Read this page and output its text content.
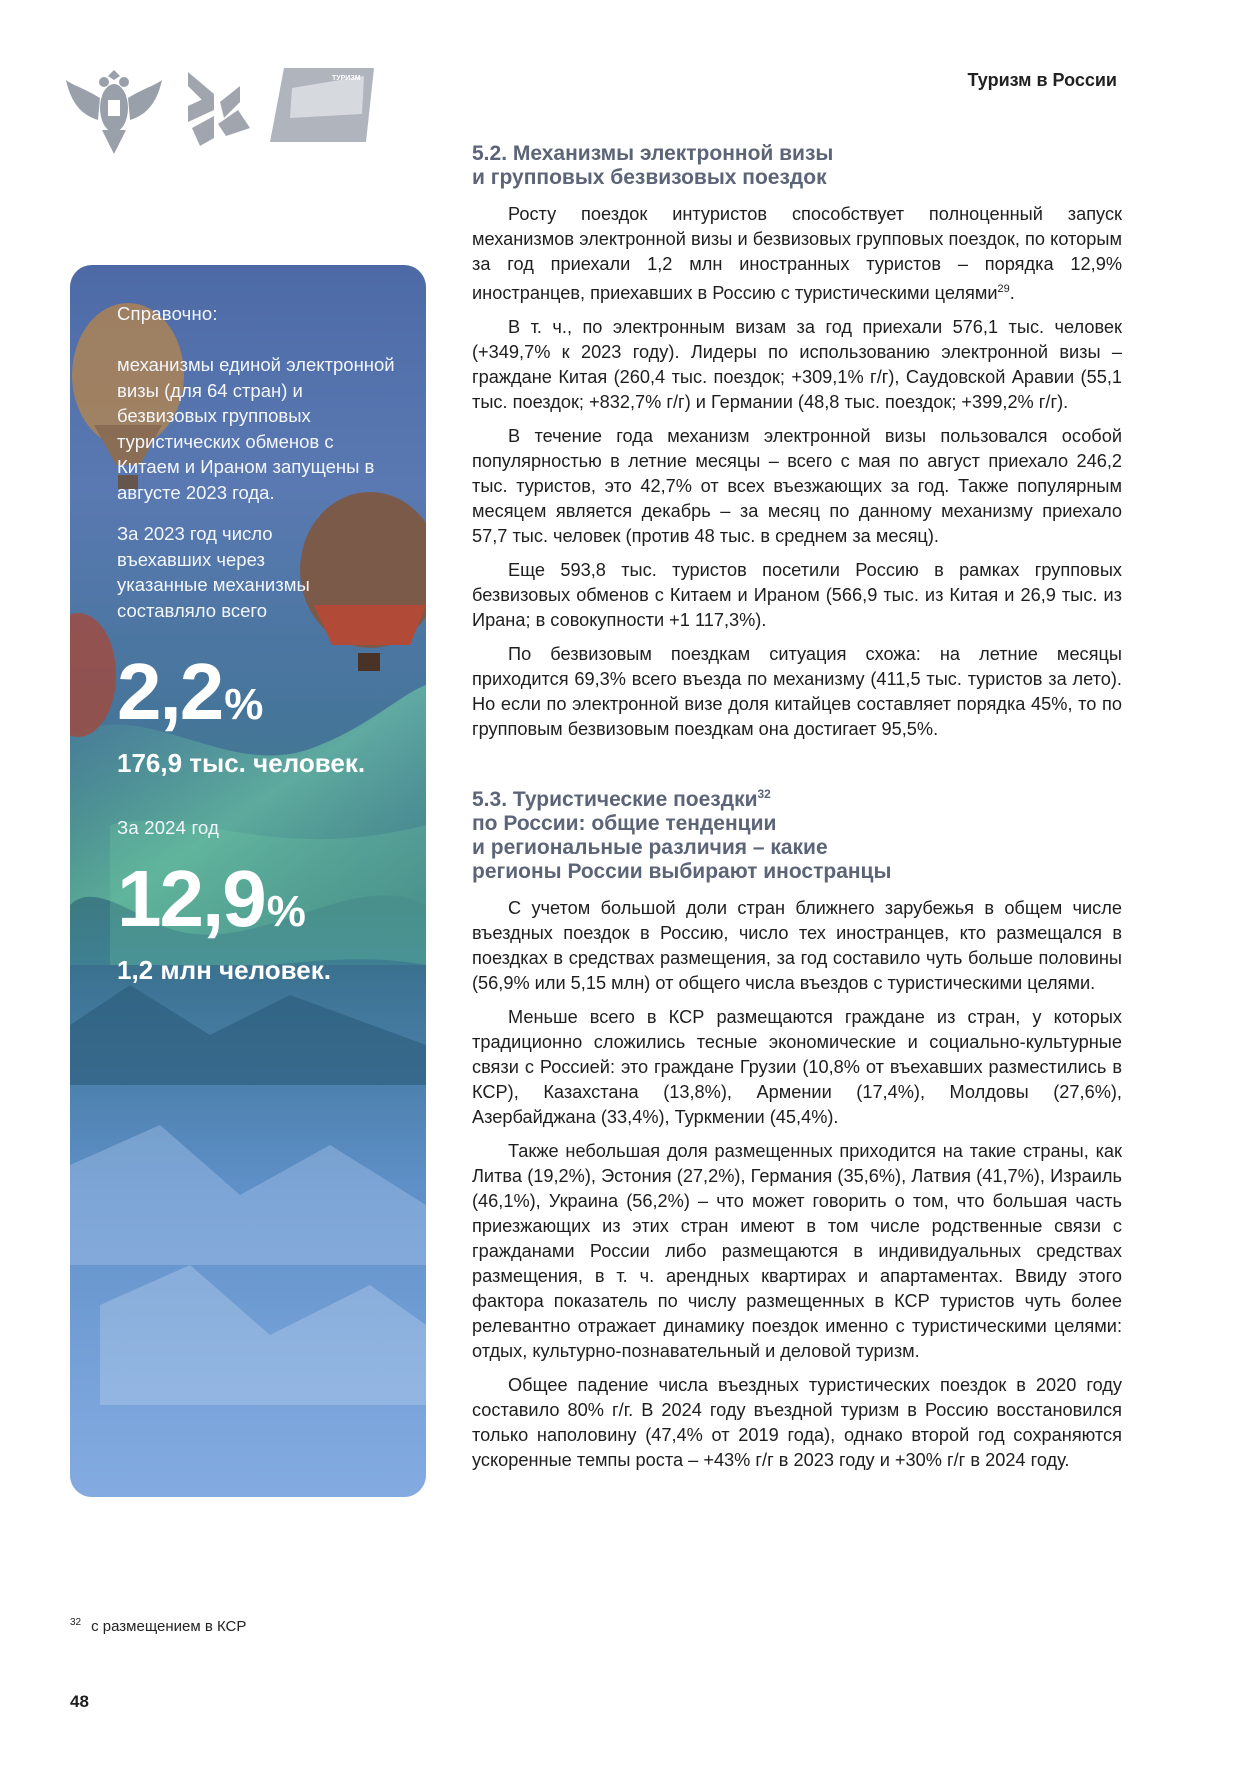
ТУРИЗМ	Туризм в России
Справочно:
механизмы единой электронной визы (для 64 стран) и безвизовых групповых туристических обменов с Китаем и Ираном запущены в августе 2023 года.
За 2023 год число въехавших через указанные механизмы составляло всего
2,2%
176,9 тыс. человек.
За 2024 год
12,9%
1,2 млн человек.
5.2. Механизмы электронной визы
и групповых безвизовых поездок

Росту поездок интуристов способствует полноценный запуск механизмов электронной визы и безвизовых групповых поездок, по которым за год приехали 1,2 млн иностранных туристов – порядка 12,9% иностранцев, приехавших в Россию с туристическими целями$^{29}$.

В т. ч., по электронным визам за год приехали 576,1 тыс. человек (+349,7% к 2023 году). Лидеры по использованию электронной визы – граждане Китая (260,4 тыс. поездок; +309,1% г/г), Саудовской Аравии (55,1 тыс. поездок; +832,7% г/г) и Германии (48,8 тыс. поездок; +399,2% г/г).

В течение года механизм электронной визы пользовался особой популярностью в летние месяцы – всего с мая по август приехало 246,2 тыс. туристов, это 42,7% от всех въезжающих за год. Также популярным месяцем является декабрь – за месяц по данному механизму приехало 57,7 тыс. человек (против 48 тыс. в среднем за месяц).

Еще 593,8 тыс. туристов посетили Россию в рамках групповых безвизовых обменов с Китаем и Ираном (566,9 тыс. из Китая и 26,9 тыс. из Ирана; в совокупности +1 117,3%).

По безвизовым поездкам ситуация схожа: на летние месяцы приходится 69,3% всего въезда по механизму (411,5 тыс. туристов за лето). Но если по электронной визе доля китайцев составляет порядка 45%, то по групповым безвизовым поездкам она достигает 95,5%.

5.3. Туристические поездки$^{32}$
по России: общие тенденции
и региональные различия – какие
регионы России выбирают иностранцы

С учетом большой доли стран ближнего зарубежья в общем числе въездных поездок в Россию, число тех иностранцев, кто размещался в поездках в средствах размещения, за год составило чуть больше половины (56,9% или 5,15 млн) от общего числа въездов с туристическими целями.

Меньше всего в КСР размещаются граждане из стран, у которых традиционно сложились тесные экономические и социально-культурные связи с Россией: это граждане Грузии (10,8% от въехавших разместились в КСР), Казахстана (13,8%), Армении (17,4%), Молдовы (27,6%), Азербайджана (33,4%), Туркмении (45,4%).

Также небольшая доля размещенных приходится на такие страны, как Литва (19,2%), Эстония (27,2%), Германия (35,6%), Латвия (41,7%), Израиль (46,1%), Украина (56,2%) – что может говорить о том, что большая часть приезжающих из этих стран имеют в том числе родственные связи с гражданами России либо размещаются в индивидуальных средствах размещения, в т. ч. арендных квартирах и апартаментах. Ввиду этого фактора показатель по числу размещенных в КСР туристов чуть более релевантно отражает динамику поездок именно с туристическими целями: отдых, культурно-познавательный и деловой туризм.

Общее падение числа въездных туристических поездок в 2020 году составило 80% г/г. В 2024 году въездной туризм в Россию восстановился только наполовину (47,4% от 2019 года), однако второй год сохраняются ускоренные темпы роста – +43% г/г в 2023 году и +30% г/г в 2024 году.

$^{32}$ с размещением в КСР
48
